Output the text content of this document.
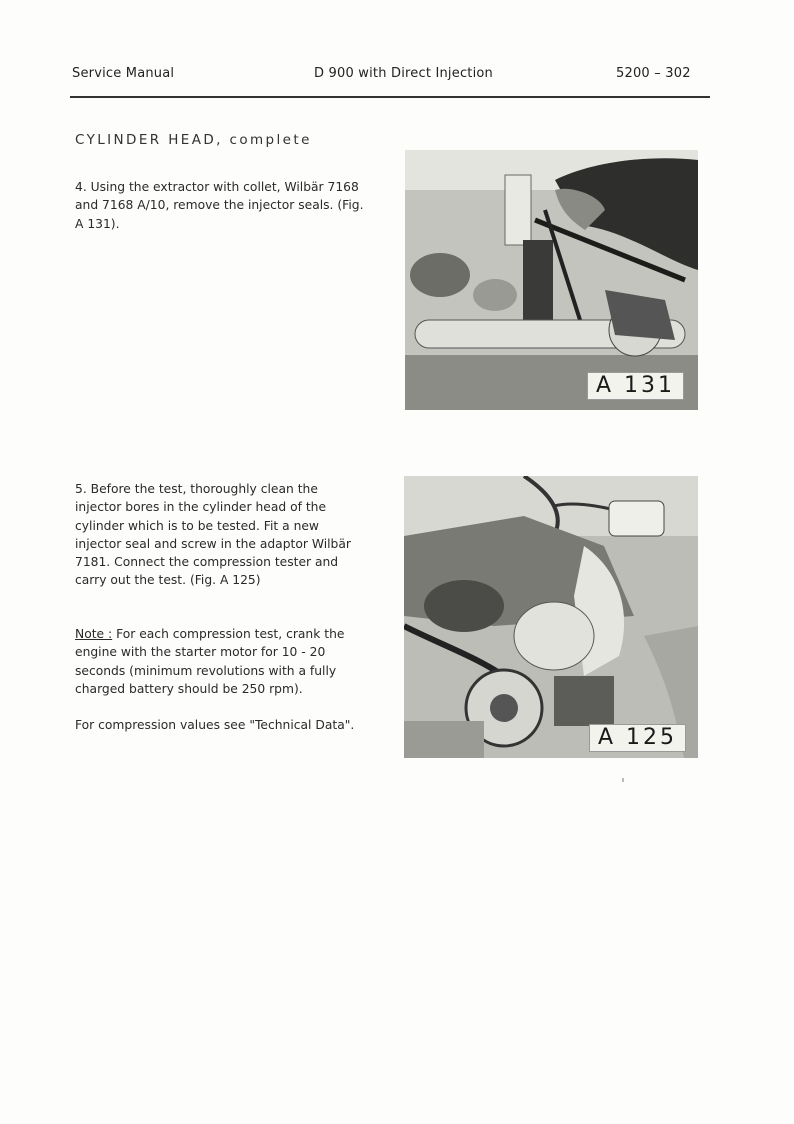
Service Manual	D 900 with Direct Injection	5200 – 302
CYLINDER HEAD, complete
4. Using the extractor with collet, Wilbär 7168 and 7168 A/10, remove the injector seals. (Fig. A 131).
A 131
5. Before the test, thoroughly clean the injector bores in the cylinder head of the cylinder which is to be tested. Fit a new injector seal and screw in the adaptor Wilbär 7181. Connect the compression tester and carry out the test. (Fig. A 125)
Note : For each compression test, crank the engine with the starter motor for 10 - 20 seconds (minimum revolutions with a fully charged battery should be 250 rpm).
For compression values see "Technical Data".	A 125
